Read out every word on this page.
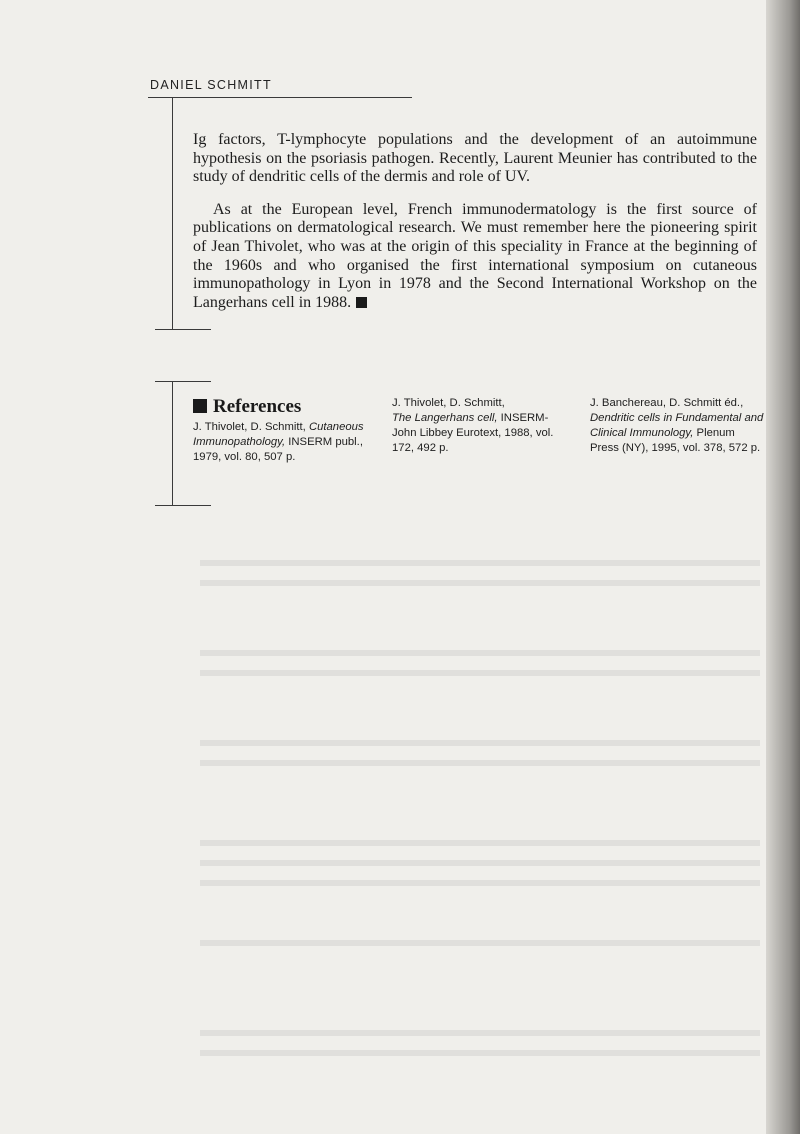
DANIEL SCHMITT

Ig factors, T-lymphocyte populations and the development of an autoimmune hypothesis on the psoriasis pathogen. Recently, Laurent Meunier has contributed to the study of dendritic cells of the dermis and role of UV.

As at the European level, French immunodermatology is the first source of publications on dermatological research. We must remember here the pioneering spirit of Jean Thivolet, who was at the origin of this speciality in France at the beginning of the 1960s and who organised the first international symposium on cutaneous immunopathology in Lyon in 1978 and the Second International Workshop on the Langerhans cell in 1988.

References
J. Thivolet, D. Schmitt, Cutaneous Immunopathology, INSERM publ., 1979, vol. 80, 507 p.
J. Thivolet, D. Schmitt,
The Langerhans cell, INSERM-John Libbey Eurotext, 1988, vol. 172, 492 p.
J. Banchereau, D. Schmitt éd.,
Dendritic cells in Fundamental and Clinical Immunology, Plenum Press (NY), 1995, vol. 378, 572 p.
